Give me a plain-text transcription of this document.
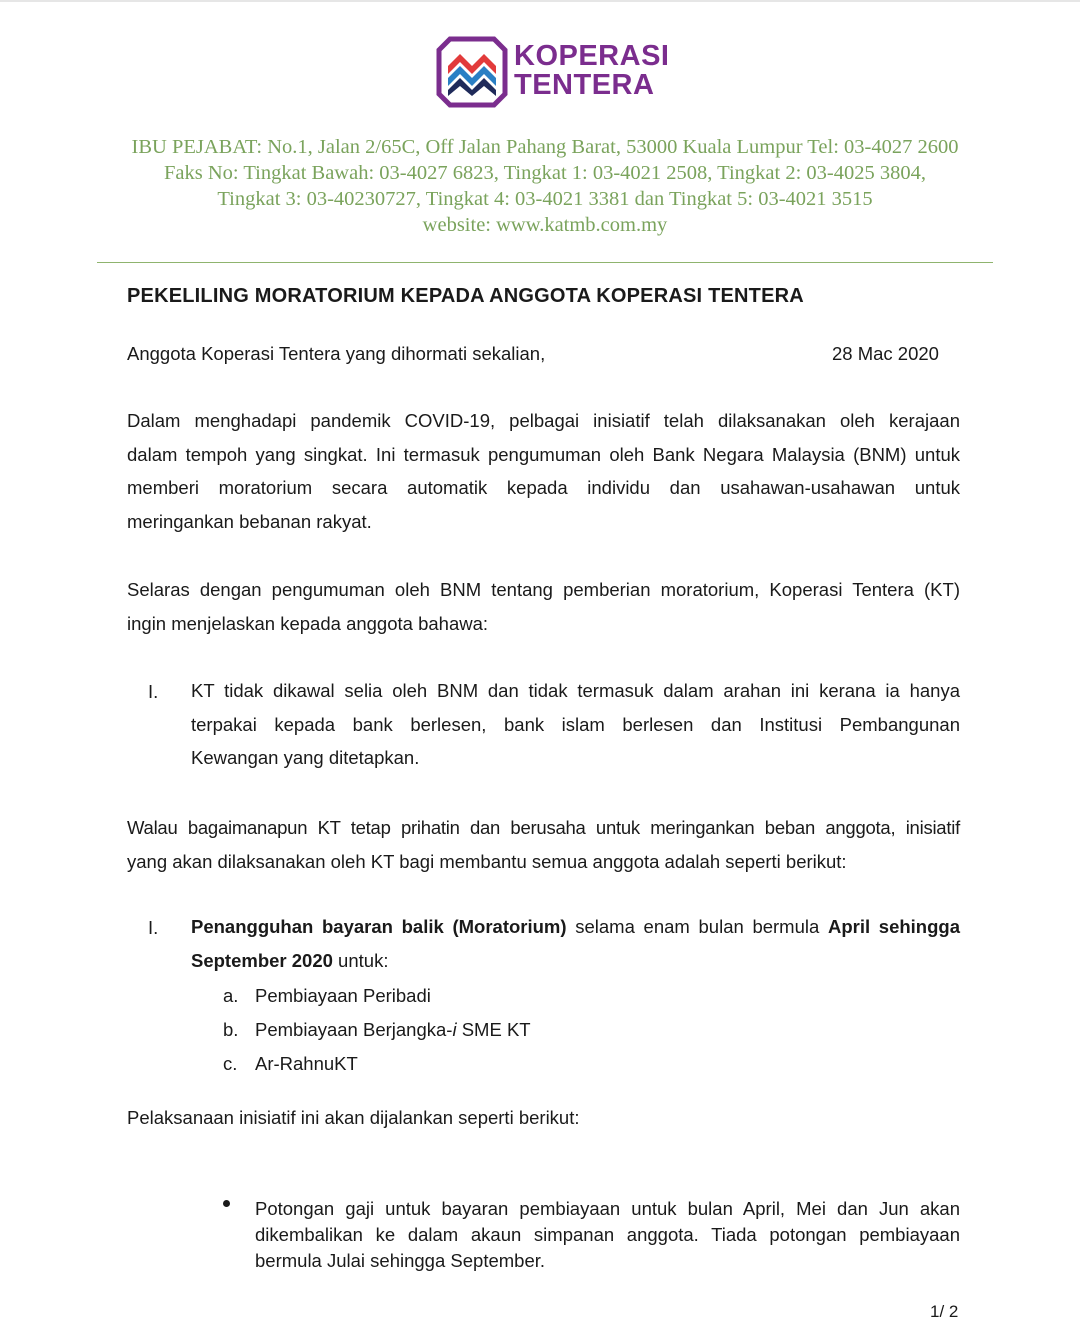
KOPERASI
TENTERA
IBU PEJABAT: No.1, Jalan 2/65C, Off Jalan Pahang Barat, 53000 Kuala Lumpur Tel: 03-4027 2600
Faks No: Tingkat Bawah: 03-4027 6823, Tingkat 1: 03-4021 2508, Tingkat 2: 03-4025 3804,
Tingkat 3: 03-40230727, Tingkat 4: 03-4021 3381 dan Tingkat 5: 03-4021 3515
website: www.katmb.com.my
PEKELILING MORATORIUM KEPADA ANGGOTA KOPERASI TENTERA
Anggota Koperasi Tentera yang dihormati sekalian,	28 Mac 2020
Dalam menghadapi pandemik COVID-19, pelbagai inisiatif telah dilaksanakan oleh kerajaan
dalam tempoh yang singkat. Ini termasuk pengumuman oleh Bank Negara Malaysia (BNM) untuk
memberi moratorium secara automatik kepada individu dan usahawan-usahawan untuk
meringankan bebanan rakyat.
Selaras dengan pengumuman oleh BNM tentang pemberian moratorium, Koperasi Tentera (KT)
ingin menjelaskan kepada anggota bahawa:
I. KT tidak dikawal selia oleh BNM dan tidak termasuk dalam arahan ini kerana ia hanya
terpakai kepada bank berlesen, bank islam berlesen dan Institusi Pembangunan
Kewangan yang ditetapkan.
Walau bagaimanapun KT tetap prihatin dan berusaha untuk meringankan beban anggota, inisiatif
yang akan dilaksanakan oleh KT bagi membantu semua anggota adalah seperti berikut:
I. Penangguhan bayaran balik (Moratorium) selama enam bulan bermula April sehingga
September 2020 untuk:
a. Pembiayaan Peribadi
b. Pembiayaan Berjangka-i SME KT
c. Ar-RahnuKT
Pelaksanaan inisiatif ini akan dijalankan seperti berikut:
Potongan gaji untuk bayaran pembiayaan untuk bulan April, Mei dan Jun akan
dikembalikan ke dalam akaun simpanan anggota. Tiada potongan pembiayaan
bermula Julai sehingga September.
1/ 2
